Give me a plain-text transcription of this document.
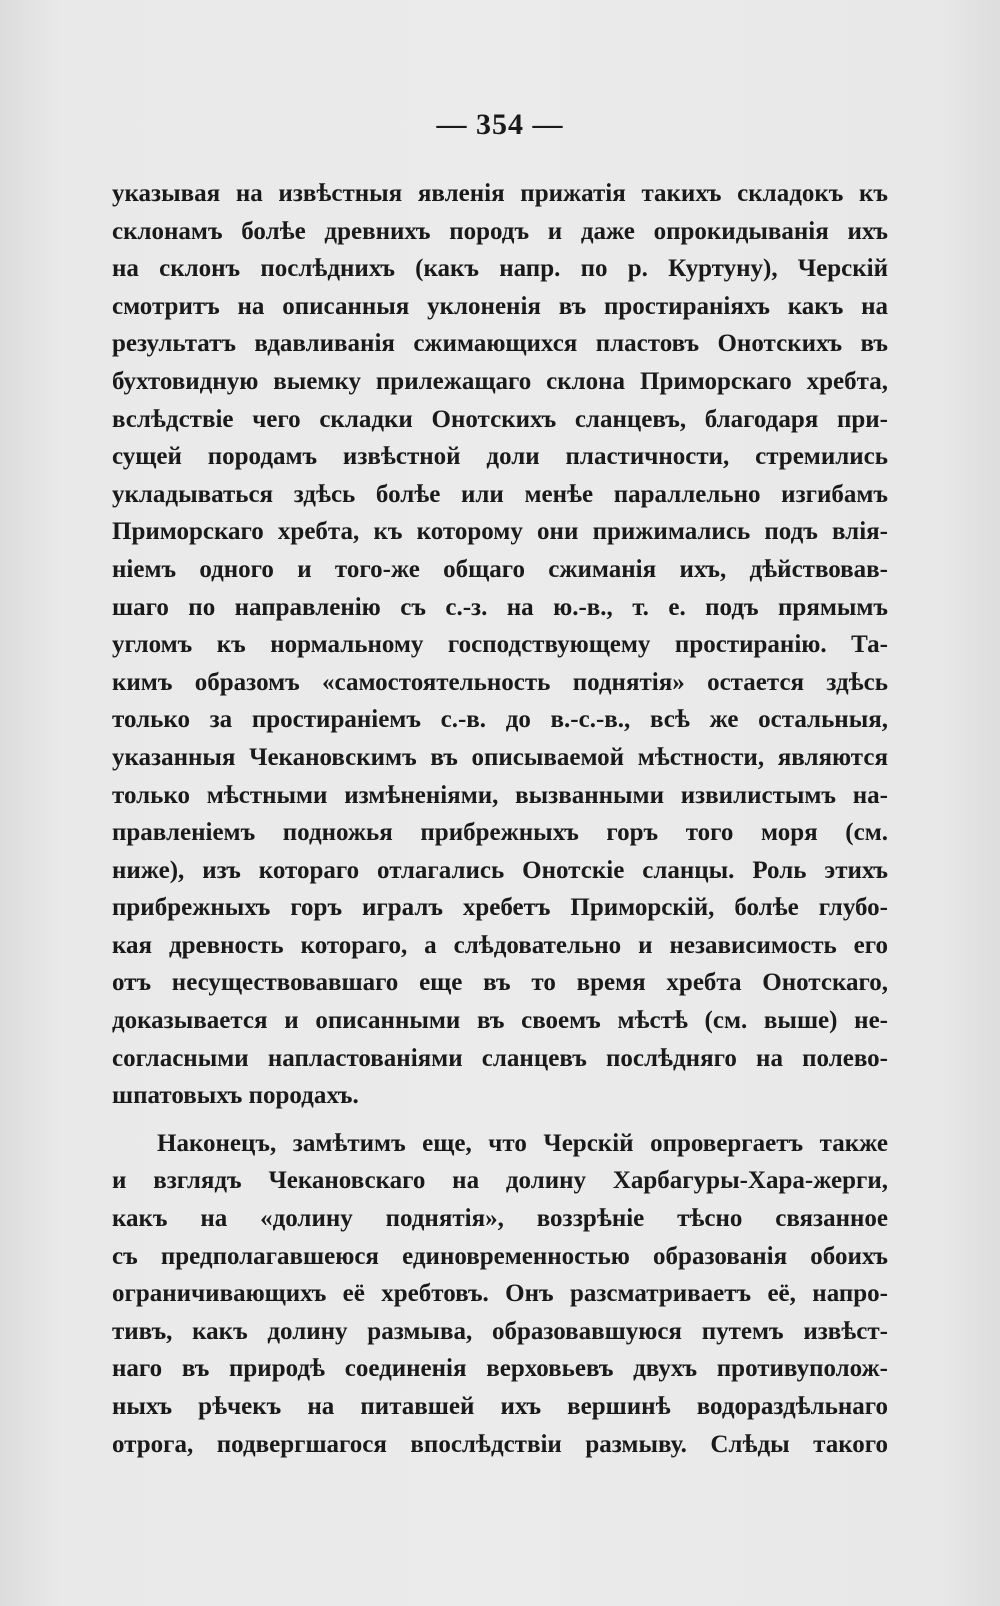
— 354 —
указывая на извѣстныя явленія прижатія такихъ складокъ къ
склонамъ болѣе древнихъ породъ и даже опрокидыванія ихъ
на склонъ послѣднихъ (какъ напр. по р. Куртуну), Черскій
смотритъ на описанныя уклоненія въ простираніяхъ какъ на
результатъ вдавливанія сжимающихся пластовъ Онотскихъ въ
бухтовидную выемку прилежащаго склона Приморскаго хребта,
вслѣдствіе чего складки Онотскихъ сланцевъ, благодаря при-
сущей породамъ извѣстной доли пластичности, стремились
укладываться здѣсь болѣе или менѣе параллельно изгибамъ
Приморскаго хребта, къ которому они прижимались подъ влія-
ніемъ одного и того-же общаго сжиманія ихъ, дѣйствовав-
шаго по направленію съ с.-з. на ю.-в., т. е. подъ прямымъ
угломъ къ нормальному господствующему простиранію. Та-
кимъ образомъ «самостоятельность поднятія» остается здѣсь
только за простираніемъ с.-в. до в.-с.-в., всѣ же остальныя,
указанныя Чекановскимъ въ описываемой мѣстности, являются
только мѣстными измѣненіями, вызванными извилистымъ на-
правленіемъ подножья прибрежныхъ горъ того моря (см.
ниже), изъ котораго отлагались Онотскіе сланцы. Роль этихъ
прибрежныхъ горъ игралъ хребетъ Приморскій, болѣе глубо-
кая древность котораго, а слѣдовательно и независимость его
отъ несуществовавшаго еще въ то время хребта Онотскаго,
доказывается и описанными въ своемъ мѣстѣ (см. выше) не-
согласными напластованіями сланцевъ послѣдняго на полево-
шпатовыхъ породахъ.
Наконецъ, замѣтимъ еще, что Черскій опровергаетъ также
и взглядъ Чекановскаго на долину Харбагуры-Хара-жерги,
какъ на «долину поднятія», воззрѣніе тѣсно связанное
съ предполагавшеюся единовременностью образованія обоихъ
ограничивающихъ её хребтовъ. Онъ разсматриваетъ её, напро-
тивъ, какъ долину размыва, образовавшуюся путемъ извѣст-
наго въ природѣ соединенія верховьевъ двухъ противуполож-
ныхъ рѣчекъ на питавшей ихъ вершинѣ водораздѣльнаго
отрога, подвергшагося впослѣдствіи размыву. Слѣды такого
